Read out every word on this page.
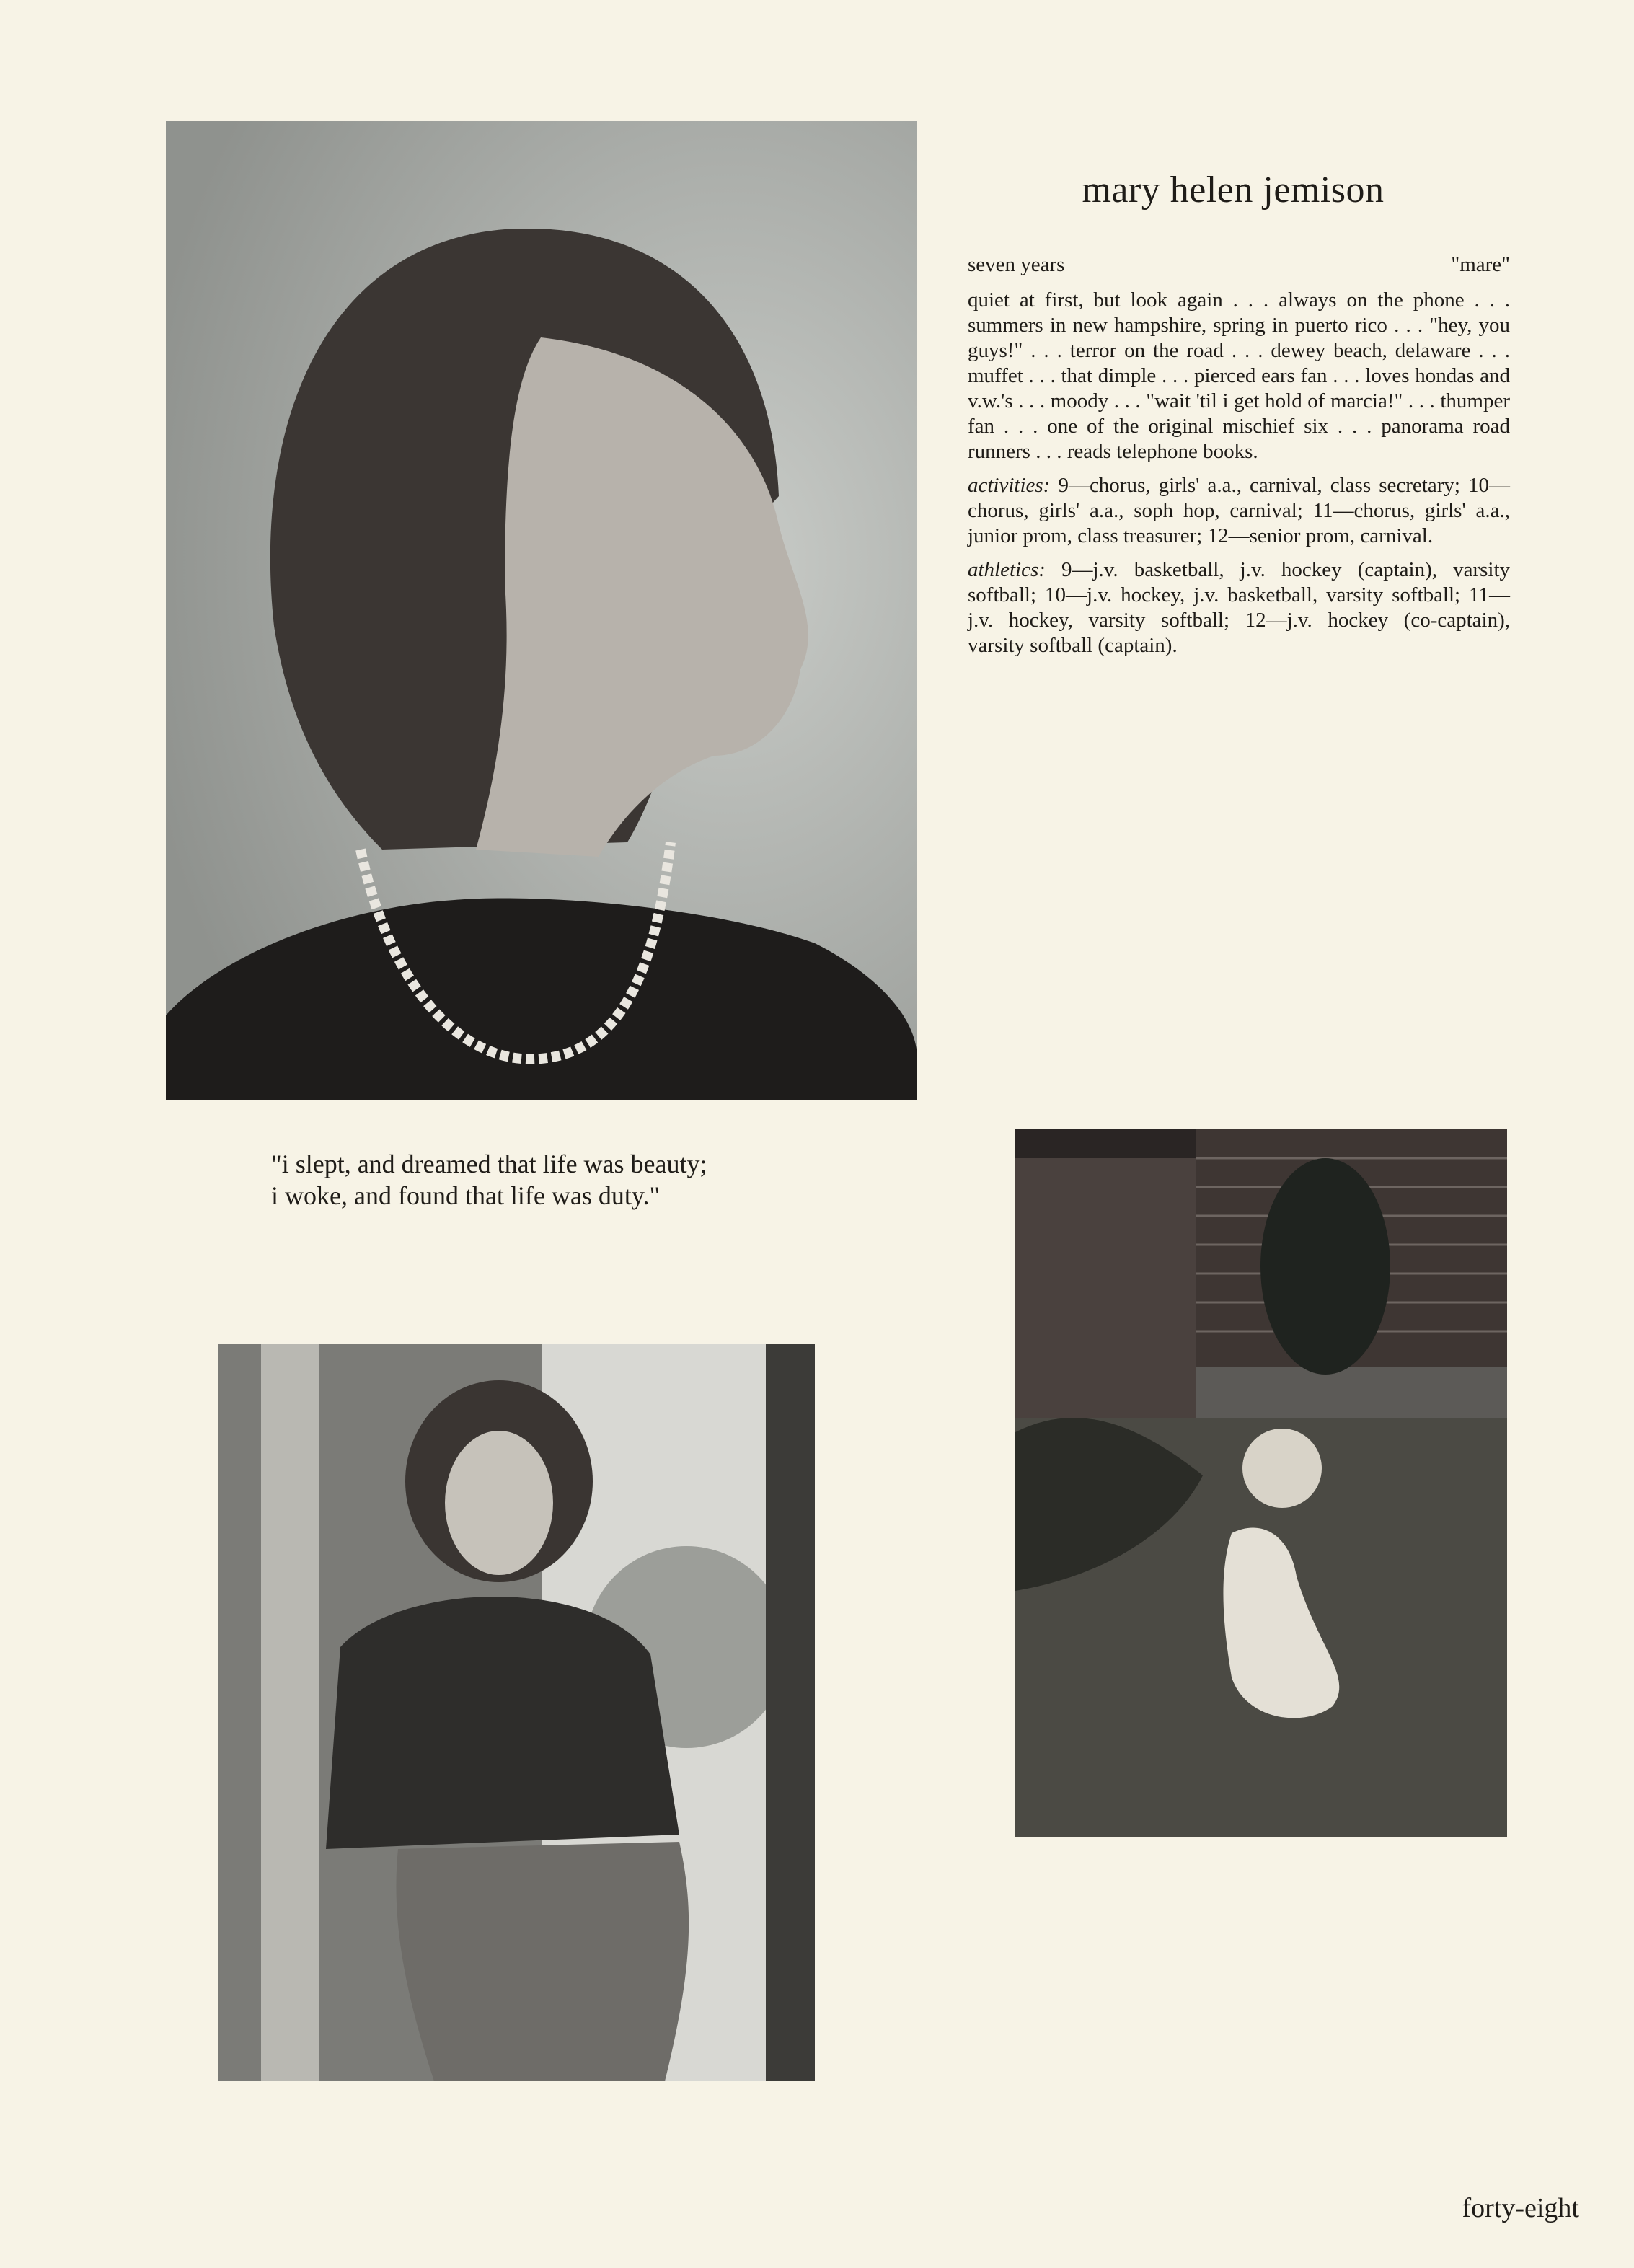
mary helen jemison
seven years	"mare"

quiet at first, but look again . . . always on the phone . . . summers in new hampshire, spring in puerto rico . . . "hey, you guys!" . . . terror on the road . . . dewey beach, delaware . . . muffet . . . that dimple . . . pierced ears fan . . . loves hondas and v.w.'s . . . moody . . . "wait 'til i get hold of marcia!" . . . thumper fan . . . one of the original mischief six . . . panorama road runners . . . reads telephone books.

activities: 9—chorus, girls' a.a., carnival, class secretary; 10—chorus, girls' a.a., soph hop, carnival; 11—chorus, girls' a.a., junior prom, class treasurer; 12—senior prom, carnival.

athletics: 9—j.v. basketball, j.v. hockey (captain), varsity softball; 10—j.v. hockey, j.v. basketball, varsity softball; 11—j.v. hockey, varsity softball; 12—j.v. hockey (co-captain), varsity softball (captain).

"i slept, and dreamed that life was beauty;
i woke, and found that life was duty."
forty-eight
